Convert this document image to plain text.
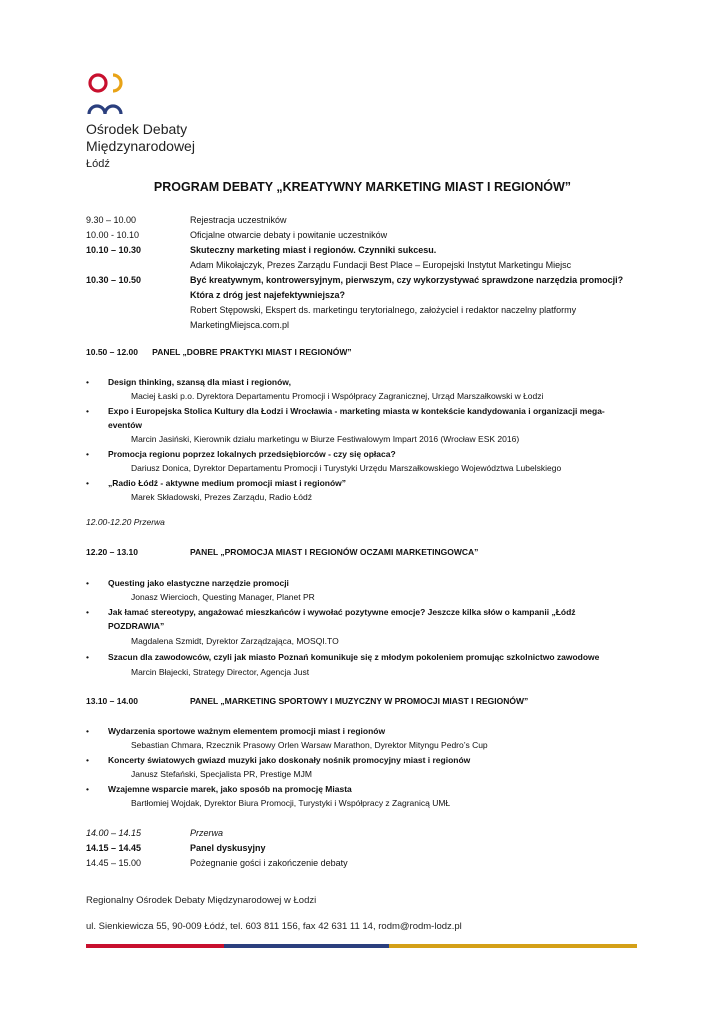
Ośrodek Debaty
Międzynarodowej
Łódź
PROGRAM DEBATY „KREATYWNY MARKETING MIAST I REGIONÓW”
9.30 – 10.00	Rejestracja uczestników
10.00 - 10.10	Oficjalne otwarcie debaty i powitanie uczestników
10.10 – 10.30	Skuteczny marketing miast i regionów. Czynniki sukcesu.
Adam Mikołajczyk, Prezes Zarządu Fundacji Best Place – Europejski Instytut Marketingu Miejsc
10.30 – 10.50	Być kreatywnym, kontrowersyjnym, pierwszym, czy wykorzystywać sprawdzone narzędzia promocji?
Która z dróg jest najefektywniejsza?
Robert Stępowski, Ekspert ds. marketingu terytorialnego, założyciel i redaktor naczelny platformy
MarketingMiejsca.com.pl
10.50 – 12.00      PANEL „DOBRE PRAKTYKI MIAST I REGIONÓW”
•	Design thinking, szansą dla miast i regionów,
Maciej Łaski p.o. Dyrektora Departamentu Promocji i Współpracy Zagranicznej, Urząd Marszałkowski w Łodzi
•	Expo i Europejska Stolica Kultury dla Łodzi i Wrocławia - marketing miasta w kontekście kandydowania i organizacji mega-
eventów
Marcin Jasiński, Kierownik działu marketingu w Biurze Festiwalowym Impart 2016 (Wrocław ESK 2016)
•	Promocja regionu poprzez lokalnych przedsiębiorców - czy się opłaca?
Dariusz Donica, Dyrektor Departamentu Promocji i Turystyki Urzędu Marszałkowskiego Województwa Lubelskiego
•	„Radio Łódź - aktywne medium promocji miast i regionów”
Marek Składowski, Prezes Zarządu, Radio Łódź
12.00-12.20 Przerwa
12.20 – 13.10	PANEL „PROMOCJA MIAST I REGIONÓW OCZAMI MARKETINGOWCA”
•	Questing jako elastyczne narzędzie promocji
Jonasz Wiercioch, Questing Manager, Planet PR
•	Jak łamać stereotypy, angażować mieszkańców i wywołać pozytywne emocje? Jeszcze kilka słów o kampanii „Łódź
POZDRAWIA”
Magdalena Szmidt, Dyrektor Zarządzająca, MOSQI.TO
•	Szacun dla zawodowców, czyli jak miasto Poznań komunikuje się z młodym pokoleniem promując szkolnictwo zawodowe
Marcin Błajecki, Strategy Director, Agencja Just
13.10 – 14.00	PANEL „MARKETING SPORTOWY I MUZYCZNY W PROMOCJI MIAST I REGIONÓW”
•	Wydarzenia sportowe ważnym elementem promocji miast i regionów
Sebastian Chmara, Rzecznik Prasowy Orlen Warsaw Marathon, Dyrektor Mityngu Pedro’s Cup
•	Koncerty światowych gwiazd muzyki jako doskonały nośnik promocyjny miast i regionów
Janusz Stefański, Specjalista PR, Prestige MJM
•	Wzajemne wsparcie marek, jako sposób na promocję Miasta
Bartłomiej Wojdak, Dyrektor Biura Promocji, Turystyki i Współpracy z Zagranicą UMŁ
14.00 – 14.15	Przerwa
14.15 – 14.45	Panel dyskusyjny
14.45 – 15.00	Pożegnanie gości i zakończenie debaty
Regionalny Ośrodek Debaty Międzynarodowej w Łodzi
ul. Sienkiewicza 55, 90-009 Łódź, tel. 603 811 156, fax 42 631 11 14, rodm@rodm-lodz.pl
